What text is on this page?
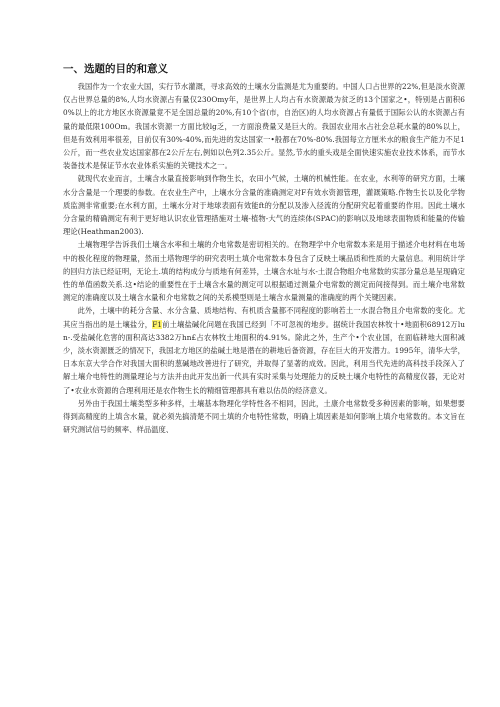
一、选题的目的和意义

我国作为一个农业大国，实行节水灌溉，寻求高效的土壤水分监测是尤为重要的。中国人口占世界的22%,但是淡水资源仅占世界总量的8%,人均水资源占有量仅230Omy年，是世界上人均占有水资源最为贫乏的13个国家之•，特别是占面积60%以上的北方地区水资源量竟不足全国总量的20%,有10个省(市，自治区)的人均水资源占有量低于国际公认的水资源占有量的最低限100Om。我国水资源一方面比较lg乏，一方面浪费量又是巨大的。我国农业用水占社会总耗水量的80%以上，但是有效利用率很差，目前仅有30%-40%,而先进的发达国家一•般都在70%-80%.我国每立方厘米水的粮食生产能力不足1公斤，而一些农业发达国家都在2公斤左右,例如以色列2.35公斤。显然,节水的重头戏是全面快速实施农业技术体系，而节水装备技术是保证节水农业体系实施的关键技术之一。

就现代农业而言，土壤含水量直接影响到作物生长，农田小气候，土壤的机械性能。在农业，水利等的研究方面，土壤水分含量是一个理要的参数。在农业生产中，上壤水分含量的准确测定对F有效水资源管理，灌溉策略.作物生长以及化学物质监测非常重要;在水利方面，土壤水分对于地球表面有效能ft的分配以及渗入径流的分配研究起着重要的作用。因此土壤水分含量的精确测定有利于更好地认识农业管理措施对土壤-植物-大气的连续体(SPAC)的影响以及地球表面物质和能量的传输理论(Heathman2003).

土壤物理学告诉我们土壤含水率和土壤的介电常数是密切相关的。在物理学中介电常数本来是用于描述介电材料在电场中的极化程度的物理量，然而土塔物理学的研究表明土填介电常数本身包含了反映土壤品质和性质的大量信息。利用统计学的回归方法已经证明，无论土.填的结构成分与质地有何差异，土壤含水址与水-土混合物组介电常数的实部分量总是呈现确定性的单值函数关系.这•结论的重要性在于土壤含水量的测定可以根据通过测量介电常数的测定而间接得到。而土壤介电常数测定的准确度以及土壤含水量和介电常数之间的关系模型则是土壤含水量测量的准确度的两个关键因素。

此外，土壤中的耗分含量、水分含量、质地结构、有机质含量都不同程度的影响若土一水混合物且介电常数的变化。尤其应当指出的是土壤盐分，F1前土壤盐碱化问题在我国已经到「不可忽视的地步。据统计我国农林牧十•地面积68912万lun-.受盐碱化危害的面积高达3382万hn£占农林牧土地面积的4.91%。除此之外，生产个•个农业国，在面临耕地大面积减少，淡水资源匮乏的情况下，我国北方地区的盐碱土地是潜在的耕地后备资源，存在巨大的开发潜力。1995年，清华大学，日本东京大学合作对我国大面积的葱碱地改善进行了研究，并取得了显著的成效。因此，利用当代先进的高科技手段深入了解土壤介电特性的测量理论与方法并由此开发出新一代具有实时采集与处理能力的反映土壤介电特性的高精度仪器，无论对了•农业水资源的合理利用还是农作物生长的精细管理都具有难以估员的经济意义。

另外由于我国土壤类型多种多样，土壤基本物理化学特性各不相同，因此，土康介电常数受多种因素的影响，如果想要得到高精度的上填含水量，就必须先搞清楚不同土填的介电特性常数，明确上填因素是如何影响上填介电常数的。本文旨在研究测试信号的频率、样品温度、
